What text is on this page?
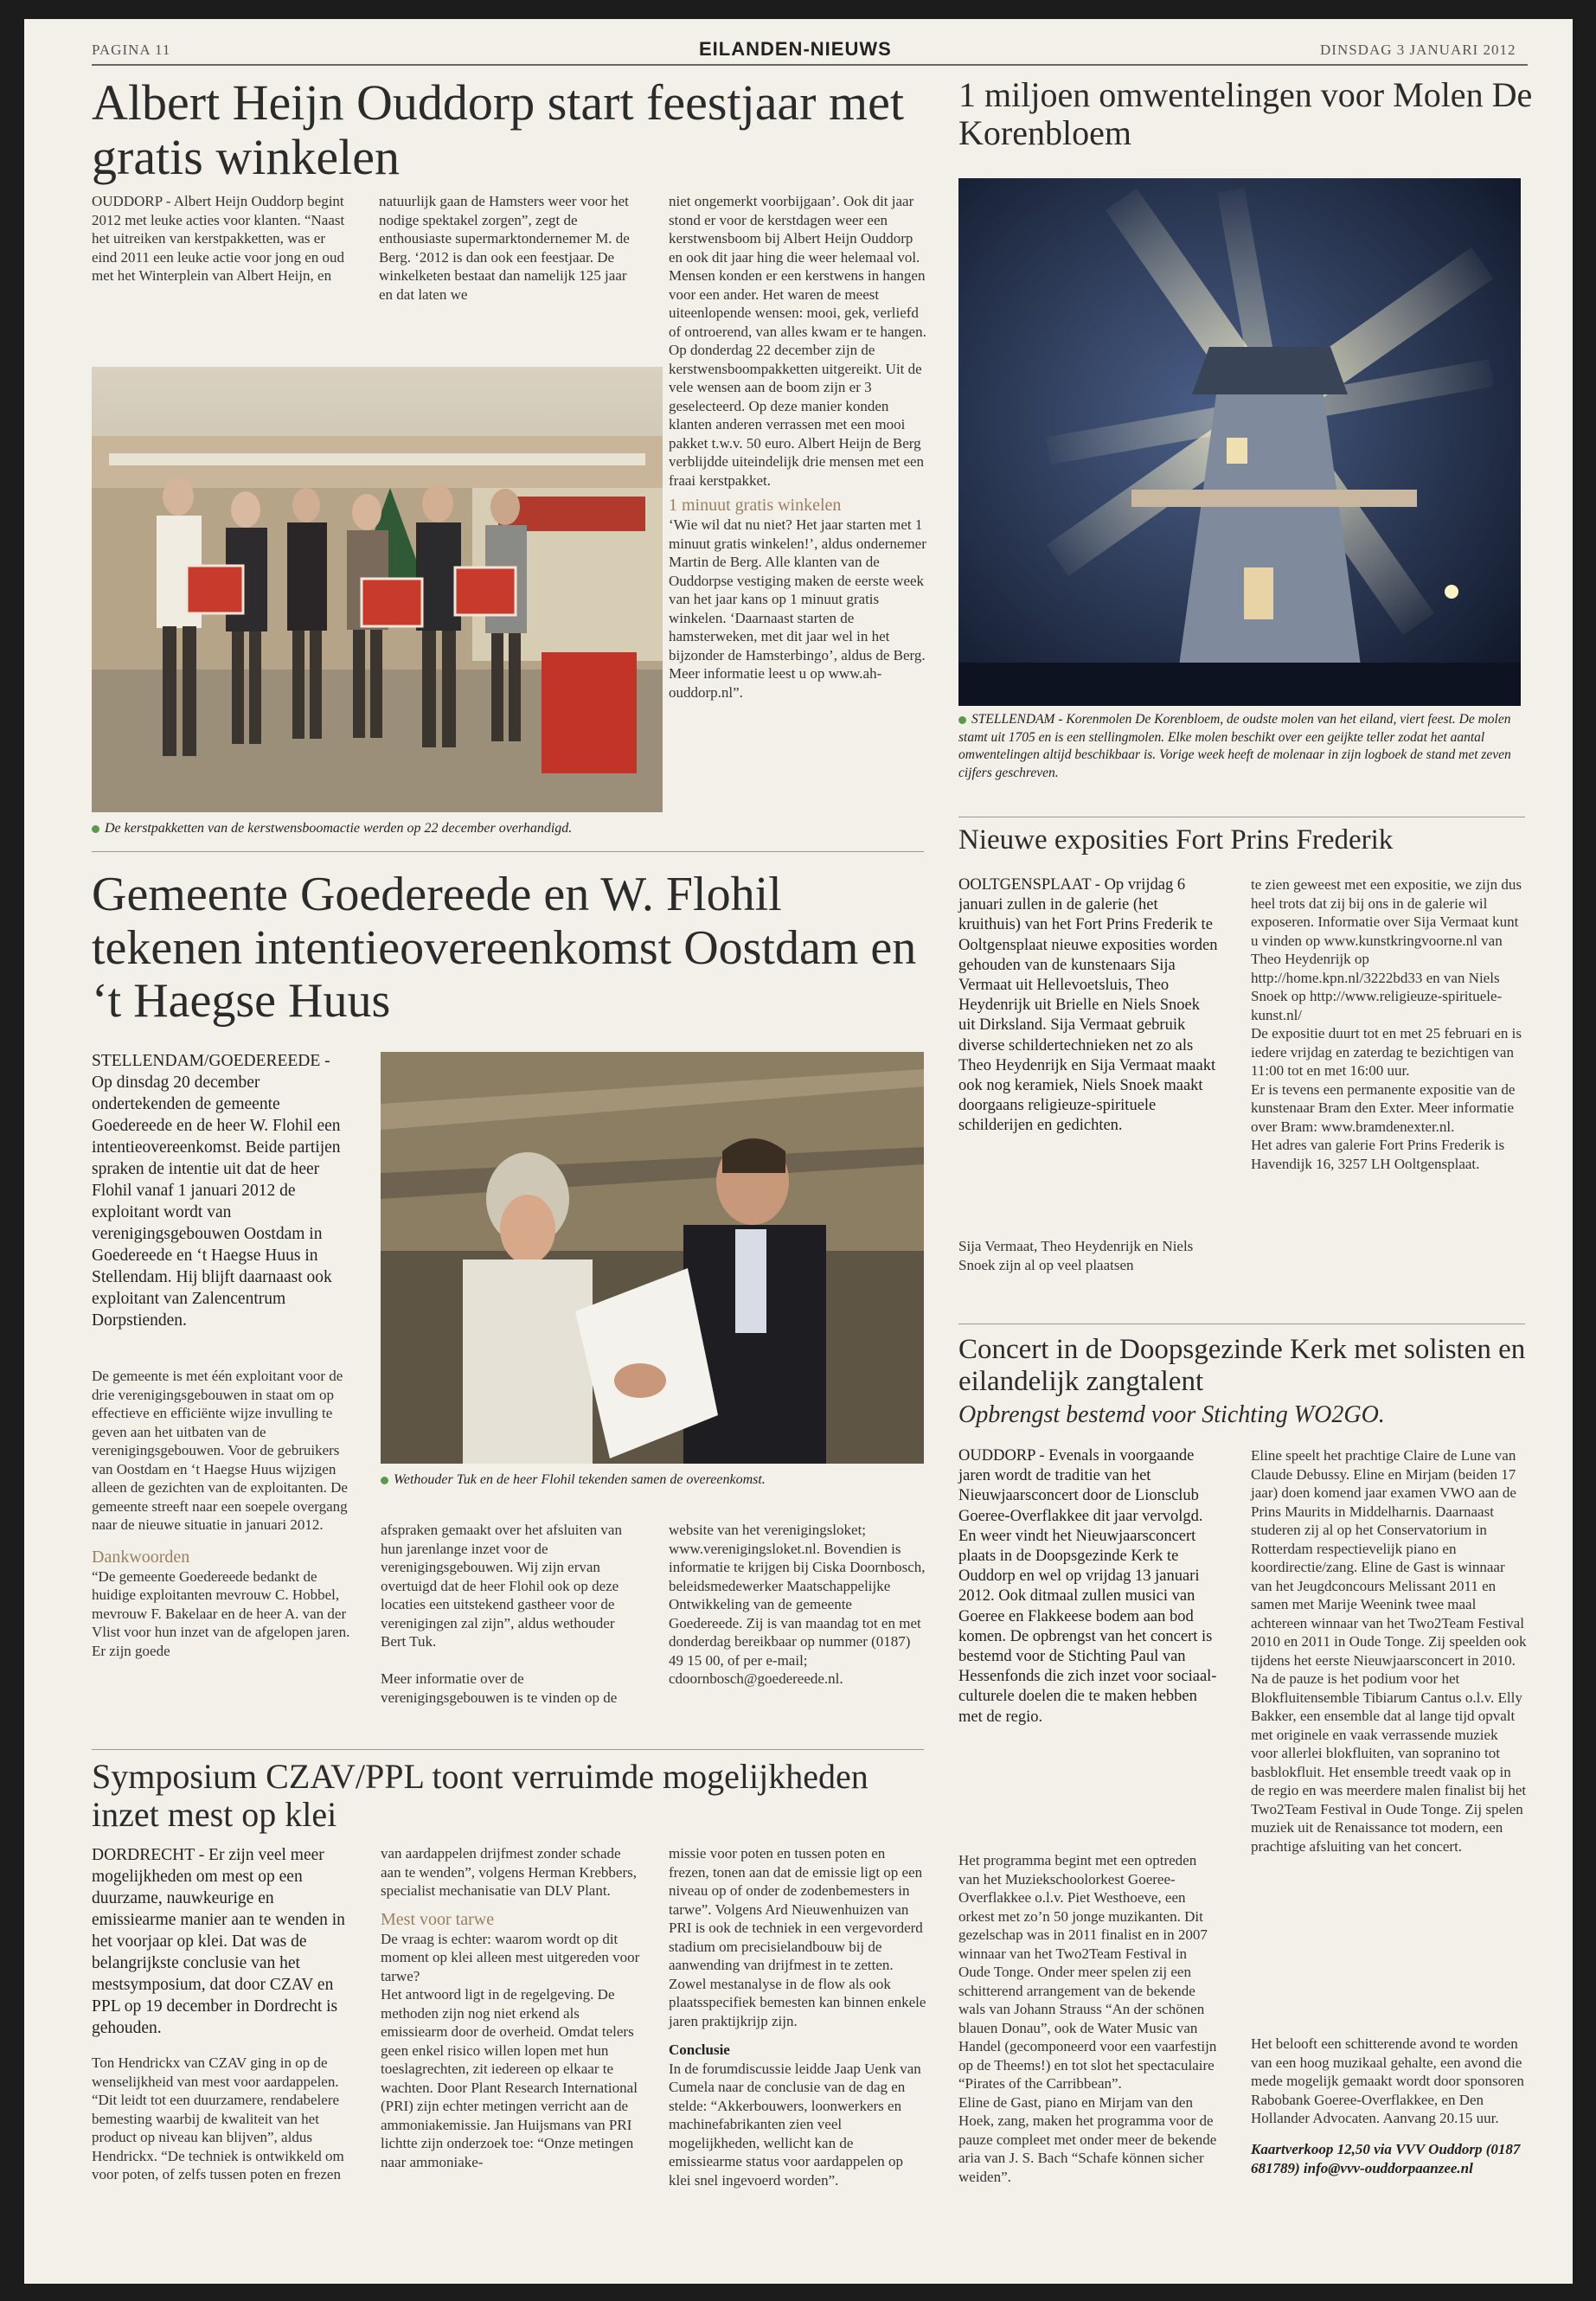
PAGINA 11	EILANDEN-NIEUWS	DINSDAG 3 JANUARI 2012
Albert Heijn Ouddorp start feestjaar met gratis winkelen
OUDDORP - Albert Heijn Ouddorp begint 2012 met leuke acties voor klanten. “Naast het uitreiken van kerstpakketten, was er eind 2011 een leuke actie voor jong en oud met het Winterplein van Albert Heijn, en
natuurlijk gaan de Hamsters weer voor het nodige spektakel zorgen”, zegt de enthousiaste supermarktondernemer M. de Berg. ‘2012 is dan ook een feestjaar. De winkelketen bestaat dan namelijk 125 jaar en dat laten we
De kerstpakketten van de kerstwensboomactie werden op 22 december overhandigd.

niet ongemerkt voorbijgaan’. Ook dit jaar stond er voor de kerstdagen weer een kerstwensboom bij Albert Heijn Ouddorp en ook dit jaar hing die weer helemaal vol. Mensen konden er een kerstwens in hangen voor een ander. Het waren de meest uiteenlopende wensen: mooi, gek, verliefd of ontroerend, van alles kwam er te hangen. Op donderdag 22 december zijn de kerstwensboompakketten uitgereikt. Uit de vele wensen aan de boom zijn er 3 geselecteerd. Op deze manier konden klanten anderen verrassen met een mooi pakket t.w.v. 50 euro. Albert Heijn de Berg verblijdde uiteindelijk drie mensen met een fraai kerstpakket.

1 minuut gratis winkelen

‘Wie wil dat nu niet? Het jaar starten met 1 minuut gratis winkelen!’, aldus ondernemer Martin de Berg. Alle klanten van de Ouddorpse vestiging maken de eerste week van het jaar kans op 1 minuut gratis winkelen. ‘Daarnaast starten de hamsterweken, met dit jaar wel in het bijzonder de Hamsterbingo’, aldus de Berg. Meer informatie leest u op www.ah-ouddorp.nl”.

1 miljoen omwentelingen voor Molen De Korenbloem
STELLENDAM - Korenmolen De Korenbloem, de oudste molen van het eiland, viert feest. De molen stamt uit 1705 en is een stellingmolen. Elke molen beschikt over een geijkte teller zodat het aantal omwentelingen altijd beschikbaar is. Vorige week heeft de molenaar in zijn logboek de stand met zeven cijfers geschreven.
Nieuwe exposities Fort Prins Frederik
OOLTGENSPLAAT - Op vrijdag 6 januari zullen in de galerie (het kruithuis) van het Fort Prins Frederik te Ooltgensplaat nieuwe exposities worden gehouden van de kunstenaars Sija Vermaat uit Hellevoetsluis, Theo Heydenrijk uit Brielle en Niels Snoek uit Dirksland. Sija Vermaat gebruik diverse schildertechnieken net zo als Theo Heydenrijk en Sija Vermaat maakt ook nog keramiek, Niels Snoek maakt doorgaans religieuze-spirituele schilderijen en gedichten.
Sija Vermaat, Theo Heydenrijk en Niels Snoek zijn al op veel plaatsen
te zien geweest met een expositie, we zijn dus heel trots dat zij bij ons in de galerie wil exposeren. Informatie over Sija Vermaat kunt u vinden op www.kunstkringvoorne.nl van Theo Heydenrijk op http://home.kpn.nl/3222bd33 en van Niels Snoek op http://www.religieuze-spirituele-kunst.nl/
De expositie duurt tot en met 25 februari en is iedere vrijdag en zaterdag te bezichtigen van 11:00 tot en met 16:00 uur.
Er is tevens een permanente expositie van de kunstenaar Bram den Exter. Meer informatie over Bram: www.bramdenexter.nl.
Het adres van galerie Fort Prins Frederik is Havendijk 16, 3257 LH Ooltgensplaat.
Gemeente Goedereede en W. Flohil tekenen intentieovereenkomst Oostdam en ‘t Haegse Huus
STELLENDAM/GOEDEREEDE - Op dinsdag 20 december ondertekenden de gemeente Goedereede en de heer W. Flohil een intentieovereenkomst. Beide partijen spraken de intentie uit dat de heer Flohil vanaf 1 januari 2012 de exploitant wordt van verenigingsgebouwen Oostdam in Goedereede en ‘t Haegse Huus in Stellendam. Hij blijft daarnaast ook exploitant van Zalencentrum Dorpstienden.
Wethouder Tuk en de heer Flohil tekenden samen de overeenkomst.

De gemeente is met één exploitant voor de drie verenigingsgebouwen in staat om op effectieve en efficiënte wijze invulling te geven aan het uitbaten van de verenigingsgebouwen. Voor de gebruikers van Oostdam en ‘t Haegse Huus wijzigen alleen de gezichten van de exploitanten. De gemeente streeft naar een soepele overgang naar de nieuwe situatie in januari 2012.

Dankwoorden

“De gemeente Goedereede bedankt de huidige exploitanten mevrouw C. Hobbel, mevrouw F. Bakelaar en de heer A. van der Vlist voor hun inzet van de afgelopen jaren. Er zijn goede

afspraken gemaakt over het afsluiten van hun jarenlange inzet voor de verenigingsgebouwen. Wij zijn ervan overtuigd dat de heer Flohil ook op deze locaties een uitstekend gastheer voor de verenigingen zal zijn”, aldus wethouder Bert Tuk.

Meer informatie over de verenigingsgebouwen is te vinden op de
website van het verenigingsloket; www.verenigingsloket.nl. Bovendien is informatie te krijgen bij Ciska Doornbosch, beleidsmedewerker Maatschappelijke Ontwikkeling van de gemeente Goedereede. Zij is van maandag tot en met donderdag bereikbaar op nummer (0187) 49 15 00, of per e-mail; cdoornbosch@goedereede.nl.
Symposium CZAV/PPL toont verruimde mogelijkheden inzet mest op klei
DORDRECHT - Er zijn veel meer mogelijkheden om mest op een duurzame, nauwkeurige en emissiearme manier aan te wenden in het voorjaar op klei. Dat was de belangrijkste conclusie van het mestsymposium, dat door CZAV en PPL op 19 december in Dordrecht is gehouden.
Ton Hendrickx van CZAV ging in op de wenselijkheid van mest voor aardappelen. “Dit leidt tot een duurzamere, rendabelere bemesting waarbij de kwaliteit van het product op niveau kan blijven”, aldus Hendrickx. “De techniek is ontwikkeld om voor poten, of zelfs tussen poten en frezen

van aardappelen drijfmest zonder schade aan te wenden”, volgens Herman Krebbers, specialist mechanisatie van DLV Plant.

Mest voor tarwe

De vraag is echter: waarom wordt op dit moment op klei alleen mest uitgereden voor tarwe?
Het antwoord ligt in de regelgeving. De methoden zijn nog niet erkend als emissiearm door de overheid. Omdat telers geen enkel risico willen lopen met hun toeslagrechten, zit iedereen op elkaar te wachten. Door Plant Research International (PRI) zijn echter metingen verricht aan de ammoniakemissie. Jan Huijsmans van PRI lichtte zijn onderzoek toe: “Onze metingen naar ammoniake-

missie voor poten en tussen poten en frezen, tonen aan dat de emissie ligt op een niveau op of onder de zodenbemesters in tarwe”. Volgens Ard Nieuwenhuizen van PRI is ook de techniek in een vergevorderd stadium om precisielandbouw bij de aanwending van drijfmest in te zetten. Zowel mestanalyse in de flow als ook plaatsspecifiek bemesten kan binnen enkele jaren praktijkrijp zijn.

Conclusie

In de forumdiscussie leidde Jaap Uenk van Cumela naar de conclusie van de dag en stelde: “Akkerbouwers, loonwerkers en machinefabrikanten zien veel mogelijkheden, wellicht kan de emissiearme status voor aardappelen op klei snel ingevoerd worden”.

Concert in de Doopsgezinde Kerk met solisten en eilandelijk zangtalent
Opbrengst bestemd voor Stichting WO2GO.
OUDDORP - Evenals in voorgaande jaren wordt de traditie van het Nieuwjaarsconcert door de Lionsclub Goeree-Overflakkee dit jaar vervolgd. En weer vindt het Nieuwjaarsconcert plaats in de Doopsgezinde Kerk te Ouddorp en wel op vrijdag 13 januari 2012. Ook ditmaal zullen musici van Goeree en Flakkeese bodem aan bod komen. De opbrengst van het concert is bestemd voor de Stichting Paul van Hessenfonds die zich inzet voor sociaal-culturele doelen die te maken hebben met de regio.
Het programma begint met een optreden van het Muziekschoolorkest Goeree-Overflakkee o.l.v. Piet Westhoeve, een orkest met zo’n 50 jonge muzikanten. Dit gezelschap was in 2011 finalist en in 2007 winnaar van het Two2Team Festival in Oude Tonge. Onder meer spelen zij een schitterend arrangement van de bekende wals van Johann Strauss “An der schönen blauen Donau”, ook de Water Music van Handel (gecomponeerd voor een vaarfestijn op de Theems!) en tot slot het spectaculaire “Pirates of the Carribbean”.
Eline de Gast, piano en Mirjam van den Hoek, zang, maken het programma voor de pauze compleet met onder meer de bekende aria van J. S. Bach “Schafe können sicher weiden”.
Eline speelt het prachtige Claire de Lune van Claude Debussy. Eline en Mirjam (beiden 17 jaar) doen komend jaar examen VWO aan de Prins Maurits in Middelharnis. Daarnaast studeren zij al op het Conservatorium in Rotterdam respectievelijk piano en koordirectie/zang. Eline de Gast is winnaar van het Jeugdconcours Melissant 2011 en samen met Marije Weenink twee maal achtereen winnaar van het Two2Team Festival 2010 en 2011 in Oude Tonge. Zij speelden ook tijdens het eerste Nieuwjaarsconcert in 2010.
Na de pauze is het podium voor het Blokfluitensemble Tibiarum Cantus o.l.v. Elly Bakker, een ensemble dat al lange tijd opvalt met originele en vaak verrassende muziek voor allerlei blokfluiten, van sopranino tot basblokfluit. Het ensemble treedt vaak op in de regio en was meerdere malen finalist bij het Two2Team Festival in Oude Tonge. Zij spelen muziek uit de Renaissance tot modern, een prachtige afsluiting van het concert.
Het belooft een schitterende avond te worden van een hoog muzikaal gehalte, een avond die mede mogelijk gemaakt wordt door sponsoren Rabobank Goeree-Overflakkee, en Den Hollander Advocaten. Aanvang 20.15 uur.
Kaartverkoop 12,50 via VVV Ouddorp (0187 681789) info@vvv-ouddorpaanzee.nl
